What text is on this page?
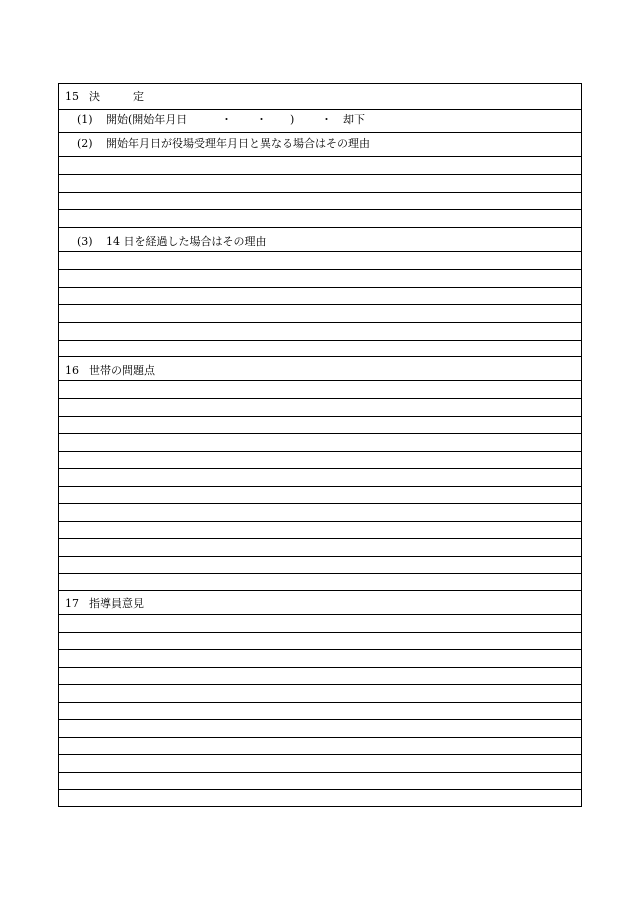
15 決　　　定
(1) 開始(開始年月日	・ ・ ) ・ 却下
(2) 開始年月日が役場受理年月日と異なる場合はその理由
(3) 14 日を経過した場合はその理由
16 世帯の問題点
17 指導員意見
